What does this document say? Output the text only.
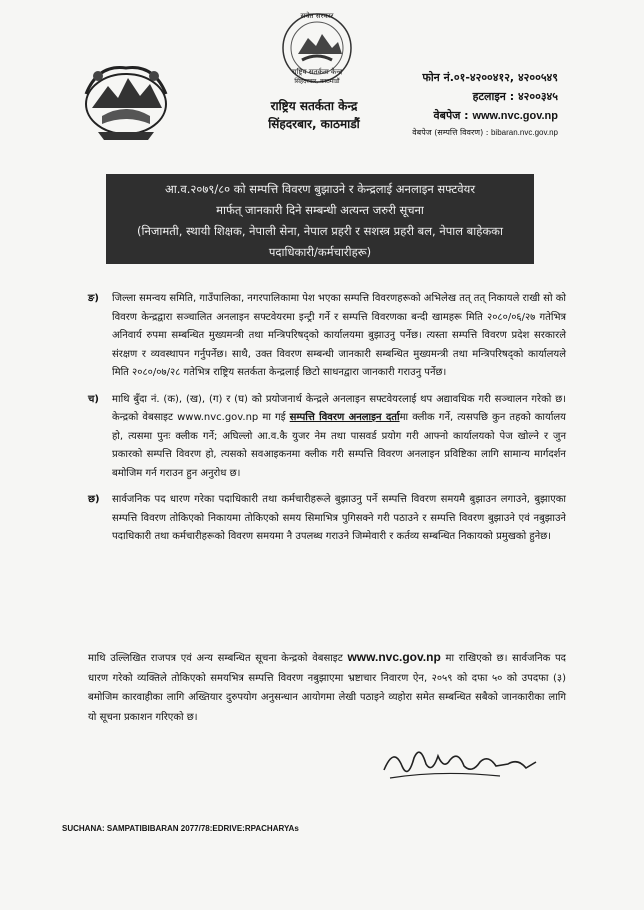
सचेत सरकार
राष्ट्रिय सतर्कता केन्द्र
सिंहदरबार, काठमाडौं
राष्ट्रिय सतर्कता केन्द्र
सिंहदरबार, काठमाडौं
फोन नं.०१-४२००४१२, ४२००५४९
हटलाइन : ४२००३४५
वेबपेज : www.nvc.gov.np
वेबपेज (सम्पत्ति विवरण) : bibaran.nvc.gov.np
आ.व.२०७९/८० को सम्पत्ति विवरण बुझाउने र केन्द्रलाई अनलाइन सफ्टवेयर
मार्फत् जानकारी दिने सम्बन्धी अत्यन्त जरुरी सूचना
(निजामती, स्थायी शिक्षक, नेपाली सेना, नेपाल प्रहरी र सशस्त्र प्रहरी बल, नेपाल बाहेकका
पदाधिकारी/कर्मचारीहरू)
ङ) जिल्ला समन्वय समिति, गाउँपालिका, नगरपालिकामा पेश भएका सम्पत्ति विवरणहरूको अभिलेख तत् तत् निकायले राखी सो को विवरण केन्द्रद्वारा सञ्चालित अनलाइन सफ्टवेयरमा इन्ट्री गर्ने र सम्पत्ति विवरणका बन्दी खामहरू मिति २०८०/०६/२७ गतेभित्र अनिवार्य रुपमा सम्बन्धित मुख्यमन्त्री तथा मन्त्रिपरिषद्को कार्यालयमा बुझाउनु पर्नेछ। त्यस्ता सम्पत्ति विवरण प्रदेश सरकारले संरक्षण र व्यवस्थापन गर्नुपर्नेछ। साथै, उक्त विवरण सम्बन्धी जानकारी सम्बन्धित मुख्यमन्त्री तथा मन्त्रिपरिषद्को कार्यालयले मिति २०८०/०७/२८ गतेभित्र राष्ट्रिय सतर्कता केन्द्रलाई छिटो साधनद्वारा जानकारी गराउनु पर्नेछ।
च) माथि बुँदा नं. (क), (ख), (ग) र (घ) को प्रयोजनार्थ केन्द्रले अनलाइन सफ्टवेयरलाई थप अद्यावधिक गरी सञ्चालन गरेको छ। केन्द्रको वेबसाइट www.nvc.gov.np मा गई सम्पत्ति विवरण अनलाइन दर्तामा क्लीक गर्ने, त्यसपछि कुन तहको कार्यालय हो, त्यसमा पुनः क्लीक गर्ने; अघिल्लो आ.व.कै युजर नेम तथा पासवर्ड प्रयोग गरी आफ्नो कार्यालयको पेज खोल्ने र जुन प्रकारको सम्पत्ति विवरण हो, त्यसको सवआइकनमा क्लीक गरी सम्पत्ति विवरण अनलाइन प्रविष्टिका लागि सामान्य मार्गदर्शन बमोजिम गर्न गराउन हुन अनुरोध छ।
छ) सार्वजनिक पद धारण गरेका पदाधिकारी तथा कर्मचारीहरूले बुझाउनु पर्ने सम्पत्ति विवरण समयमै बुझाउन लगाउने, बुझाएका सम्पत्ति विवरण तोकिएको निकायमा तोकिएको समय सिमाभित्र पुगिसक्ने गरी पठाउने र सम्पत्ति विवरण बुझाउने एवं नबुझाउने पदाधिकारी तथा कर्मचारीहरूको विवरण समयमा नै उपलब्ध गराउने जिम्मेवारी र कर्तव्य सम्बन्धित निकायको प्रमुखको हुनेछ।
माथि उल्लिखित राजपत्र एवं अन्य सम्बन्धित सूचना केन्द्रको वेबसाइट www.nvc.gov.np मा राखिएको छ। सार्वजनिक पद धारण गरेको व्यक्तिले तोकिएको समयभित्र सम्पत्ति विवरण नबुझाएमा भ्रष्टाचार निवारण ऐन, २०५९ को दफा ५० को उपदफा (३) बमोजिम कारवाहीका लागि अख्तियार दुरुपयोग अनुसन्धान आयोगमा लेखी पठाइने व्यहोरा समेत सम्बन्धित सबैको जानकारीका लागि यो सूचना प्रकाशन गरिएको छ।
SUCHANA: SAMPATIBIBARAN 2077/78:EDRIVE:RPACHARYAs
